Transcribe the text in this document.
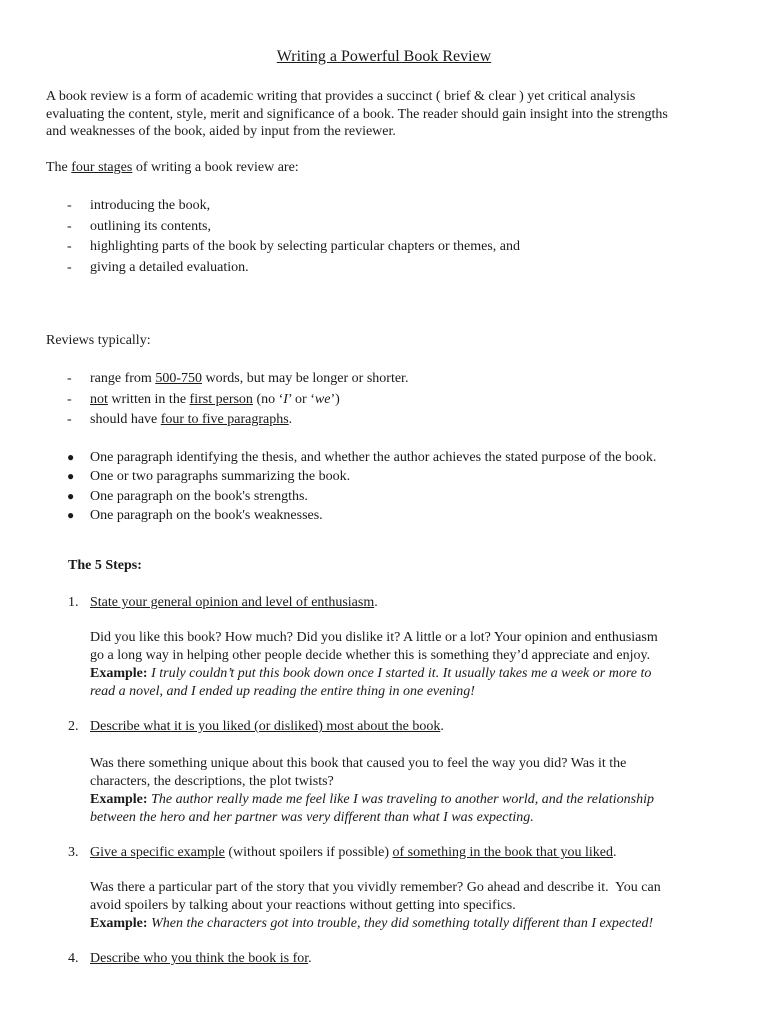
Writing a Powerful Book Review
A book review is a form of academic writing that provides a succinct ( brief & clear ) yet critical analysis
evaluating the content, style, merit and significance of a book. The reader should gain insight into the strengths
and weaknesses of the book, aided by input from the reviewer.
The four stages of writing a book review are:
-	introducing the book,
-	outlining its contents,
-	highlighting parts of the book by selecting particular chapters or themes, and
-	giving a detailed evaluation.
Reviews typically:
-	range from 500-750 words, but may be longer or shorter.
-	not written in the first person (no ‘I’ or ‘we’)
-	should have four to five paragraphs.
● One paragraph identifying the thesis, and whether the author achieves the stated purpose of the book.
● One or two paragraphs summarizing the book.
● One paragraph on the book's strengths.
● One paragraph on the book's weaknesses.
The 5 Steps:
1. State your general opinion and level of enthusiasm.
Did you like this book? How much? Did you dislike it? A little or a lot? Your opinion and enthusiasm
go a long way in helping other people decide whether this is something they’d appreciate and enjoy.
Example: I truly couldn’t put this book down once I started it. It usually takes me a week or more to
read a novel, and I ended up reading the entire thing in one evening!
2. Describe what it is you liked (or disliked) most about the book.
Was there something unique about this book that caused you to feel the way you did? Was it the
characters, the descriptions, the plot twists?
Example: The author really made me feel like I was traveling to another world, and the relationship
between the hero and her partner was very different than what I was expecting.
3. Give a specific example (without spoilers if possible) of something in the book that you liked.
Was there a particular part of the story that you vividly remember? Go ahead and describe it.  You can
avoid spoilers by talking about your reactions without getting into specifics.
Example: When the characters got into trouble, they did something totally different than I expected!
4. Describe who you think the book is for.
